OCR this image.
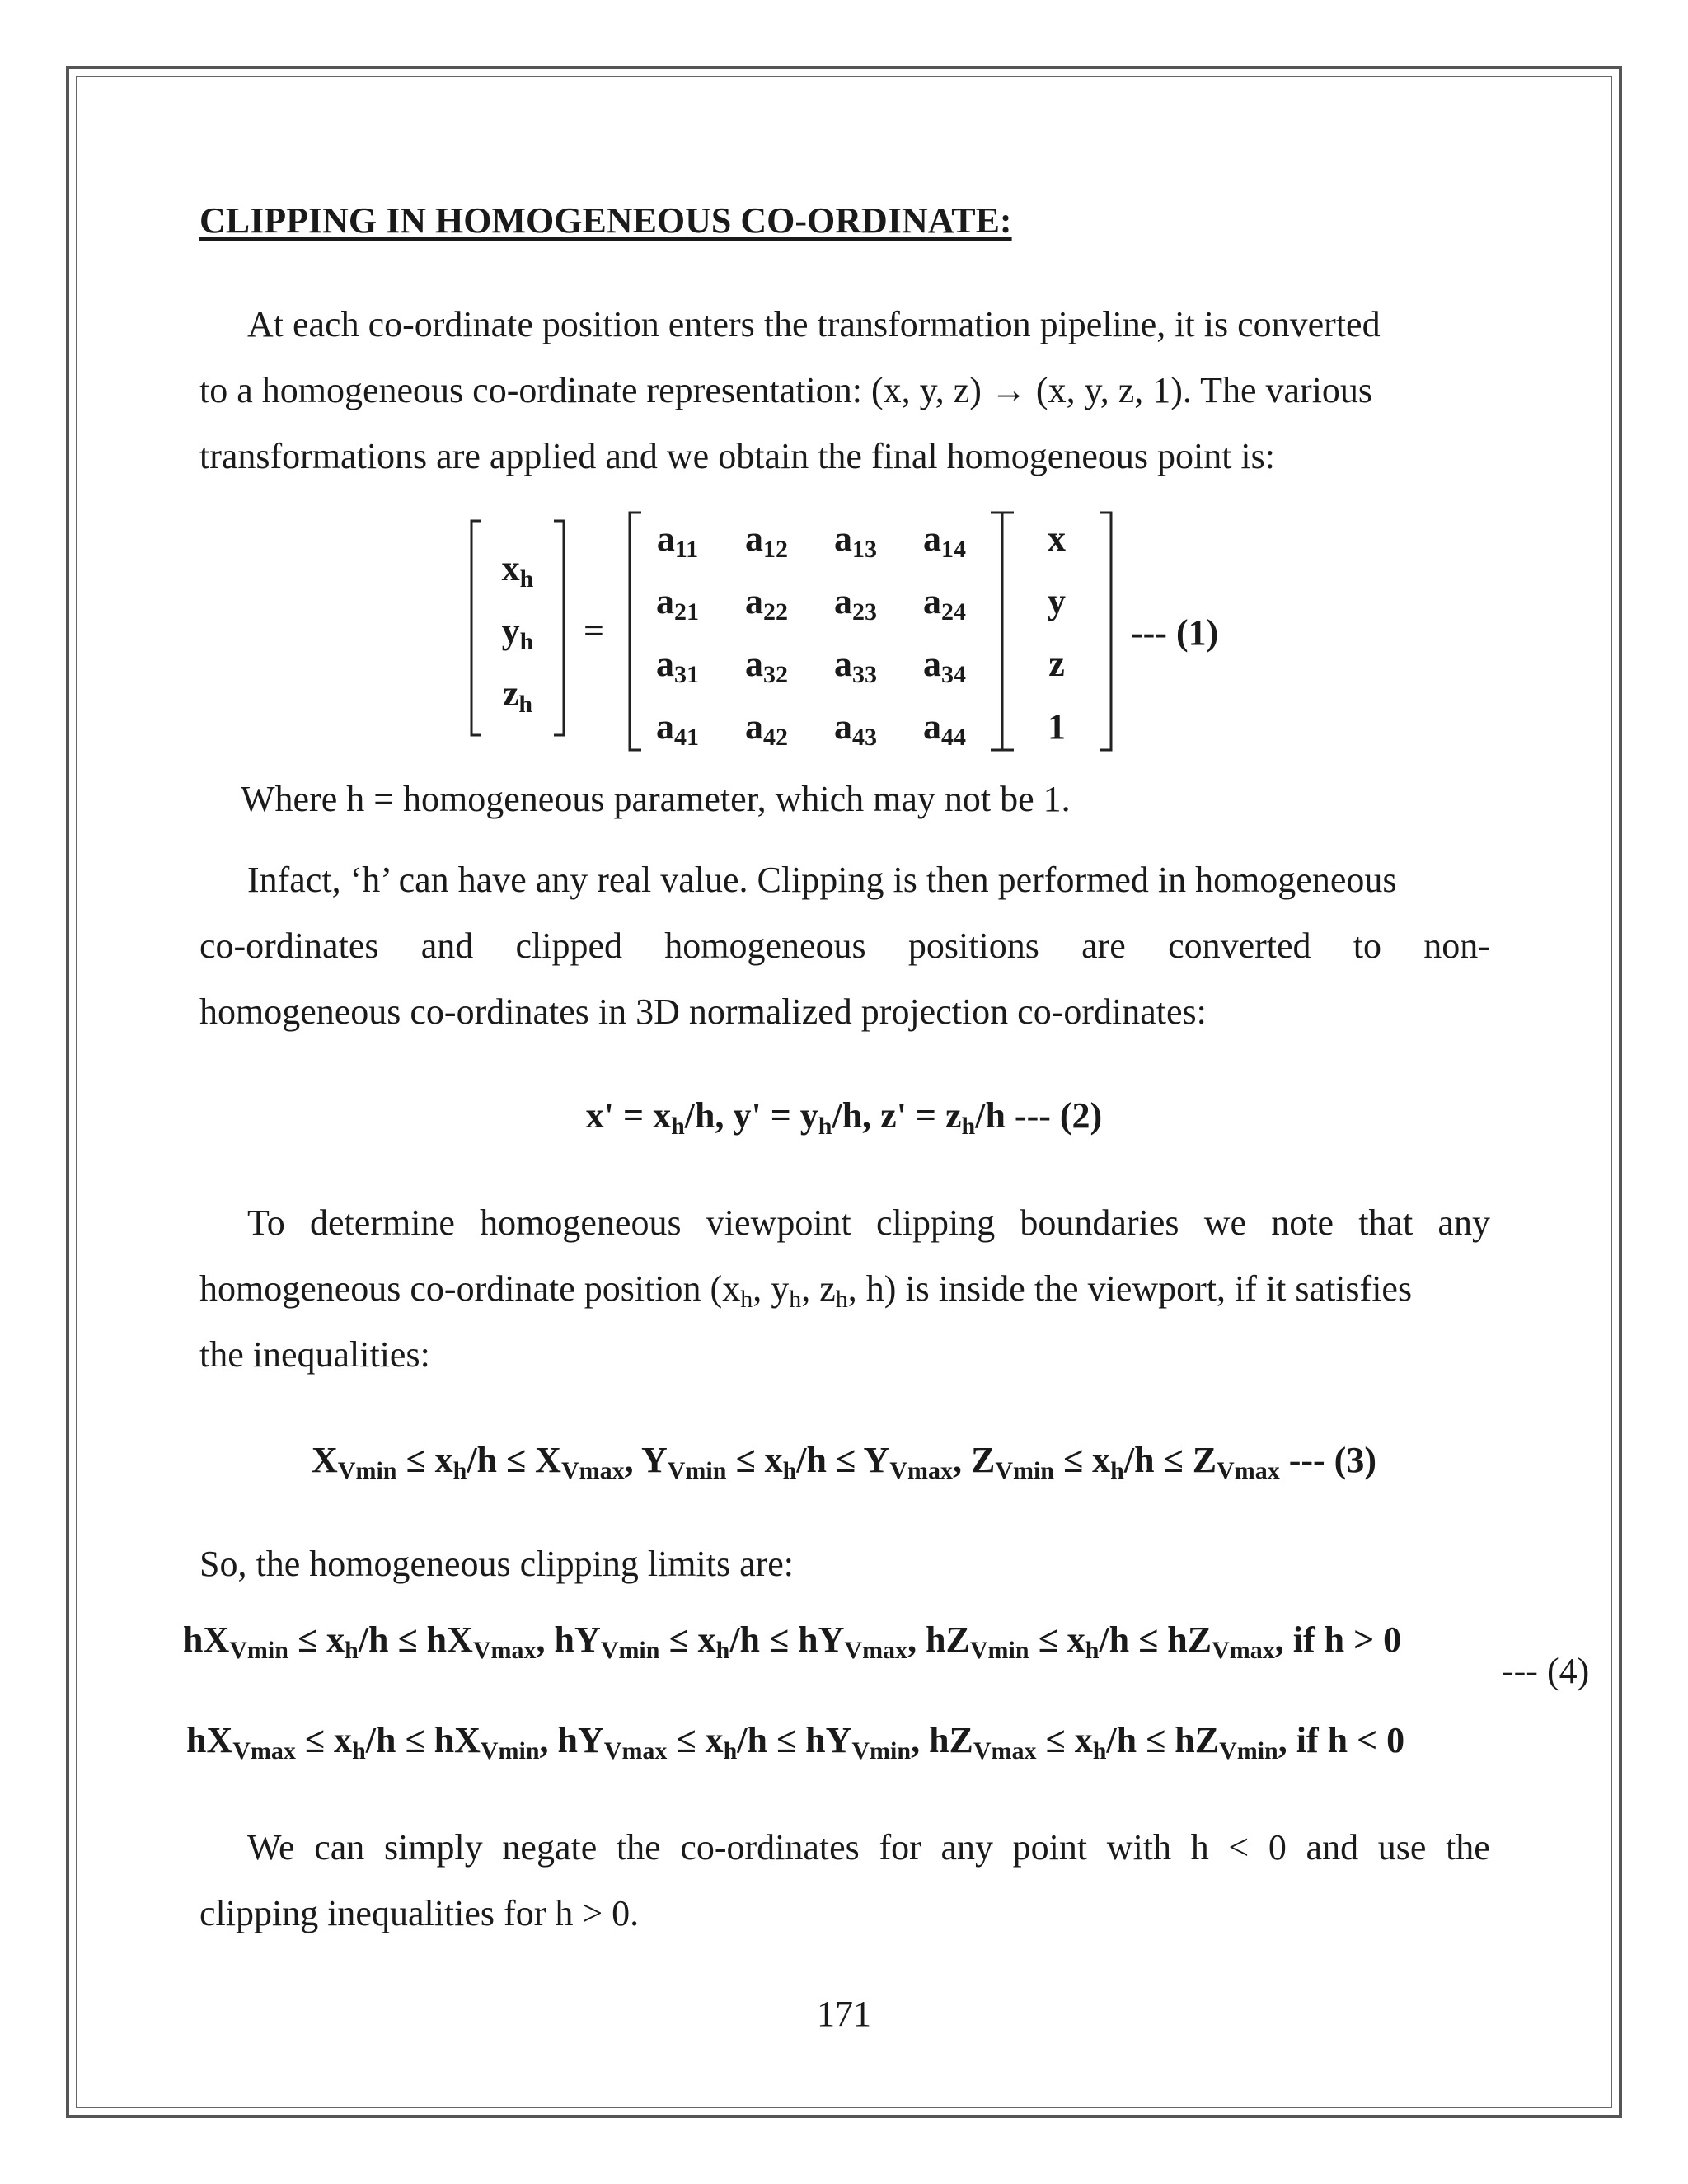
CLIPPING IN HOMOGENEOUS CO-ORDINATE:
At each co-ordinate position enters the transformation pipeline, it is converted
to a homogeneous co-ordinate representation: (x, y, z) → (x, y, z, 1). The various
transformations are applied and we obtain the final homogeneous point is:
$x_h$
$y_h$
$z_h$
=
$a_{11}$	$a_{12}$	$a_{13}$	$a_{14}$
$a_{21}$	$a_{22}$	$a_{23}$	$a_{24}$
$a_{31}$	$a_{32}$	$a_{33}$	$a_{34}$
$a_{41}$	$a_{42}$	$a_{43}$	$a_{44}$
x
y
z
1
--- (1)
Where h = homogeneous parameter, which may not be 1.
Infact, ‘h’ can have any real value. Clipping is then performed in homogeneous
co-ordinates and clipped homogeneous positions are converted to non-
homogeneous co-ordinates in 3D normalized projection co-ordinates:
$x' = x_h/h$, $y' = y_h/h$, $z' = z_h/h$ --- (2)
To determine homogeneous viewpoint clipping boundaries we note that any
homogeneous co-ordinate position ($x_h$, $y_h$, $z_h$, h) is inside the viewport, if it satisfies
the inequalities:
$X_{Vmin} \le x_h/h \le X_{Vmax}$, $Y_{Vmin} \le x_h/h \le Y_{Vmax}$, $Z_{Vmin} \le x_h/h \le Z_{Vmax}$ --- (3)
So, the homogeneous clipping limits are:
$hX_{Vmin} \le x_h/h \le hX_{Vmax}$, $hY_{Vmin} \le x_h/h \le hY_{Vmax}$, $hZ_{Vmin} \le x_h/h \le hZ_{Vmax}$, if h > 0
--- (4)
$hX_{Vmax} \le x_h/h \le hX_{Vmin}$, $hY_{Vmax} \le x_h/h \le hY_{Vmin}$, $hZ_{Vmax} \le x_h/h \le hZ_{Vmin}$, if h < 0
We can simply negate the co-ordinates for any point with h < 0 and use the
clipping inequalities for h > 0.
171
